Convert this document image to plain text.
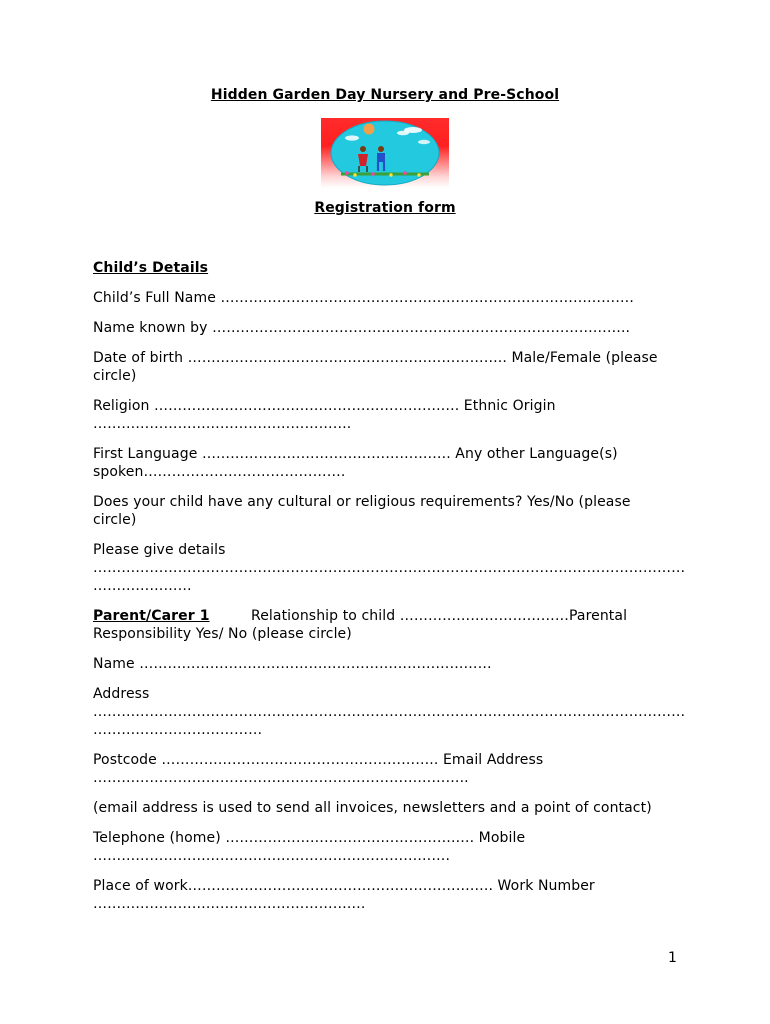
Hidden Garden Day Nursery and Pre-School
Registration form
Child’s Details
Child’s Full Name …………………………………………………………………………….
Name known by ……………………………………………………………………………..
Date of birth ………………………………………………………….. Male/Female (please
circle)
Religion ……………………………………………………….. Ethnic Origin
……………………………………………….
First Language …………………………………………….. Any other Language(s)
spoken…………………………………….
Does your child have any cultural or religious requirements? Yes/No (please
circle)
Please give details
………………………………………………………………………………………………………………
…………………
Parent/Carer 1	Relationship to child ………………………………Parental
Responsibility Yes/ No (please circle)
Name …………………………………………………………………
Address
………………………………………………………………………………………………………………
………………………………
Postcode ………………………………………………….. Email Address
……………………………………………………………………..
(email address is used to send all invoices, newsletters and a point of contact)
Telephone (home) …………………………………………….. Mobile
………………………………………………………………….
Place of work……………………………………………………….. Work Number
………………………………………………….
1
